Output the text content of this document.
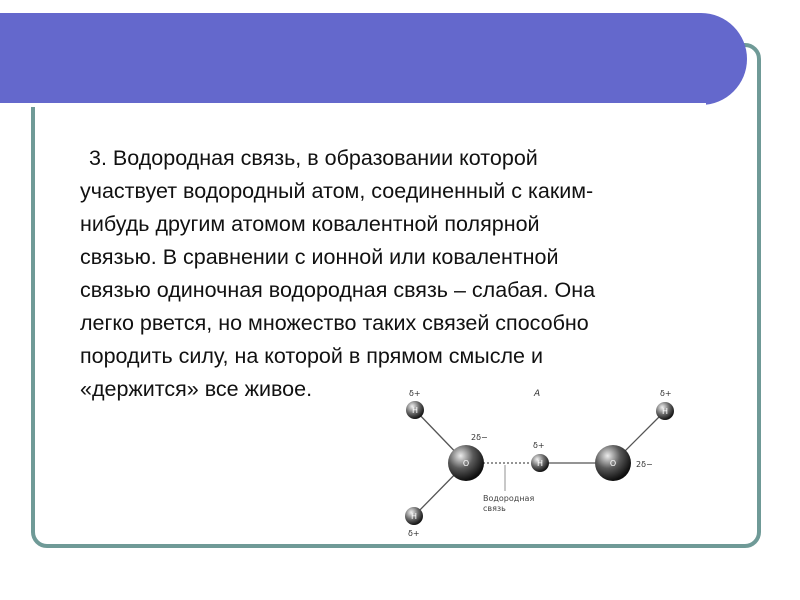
3. Водородная связь, в образовании которой
участвует водородный атом, соединенный с каким-
нибудь другим атомом ковалентной полярной
связью. В сравнении с ионной или ковалентной
связью одиночная водородная связь – слабая. Она
легко рвется, но множество таких связей способно
породить силу, на которой в прямом смысле и
«держится» все живое.

H
O
H
H	O
H
δ+
2δ−
δ+
2δ−
δ+
δ+
A
Водородная
связь
